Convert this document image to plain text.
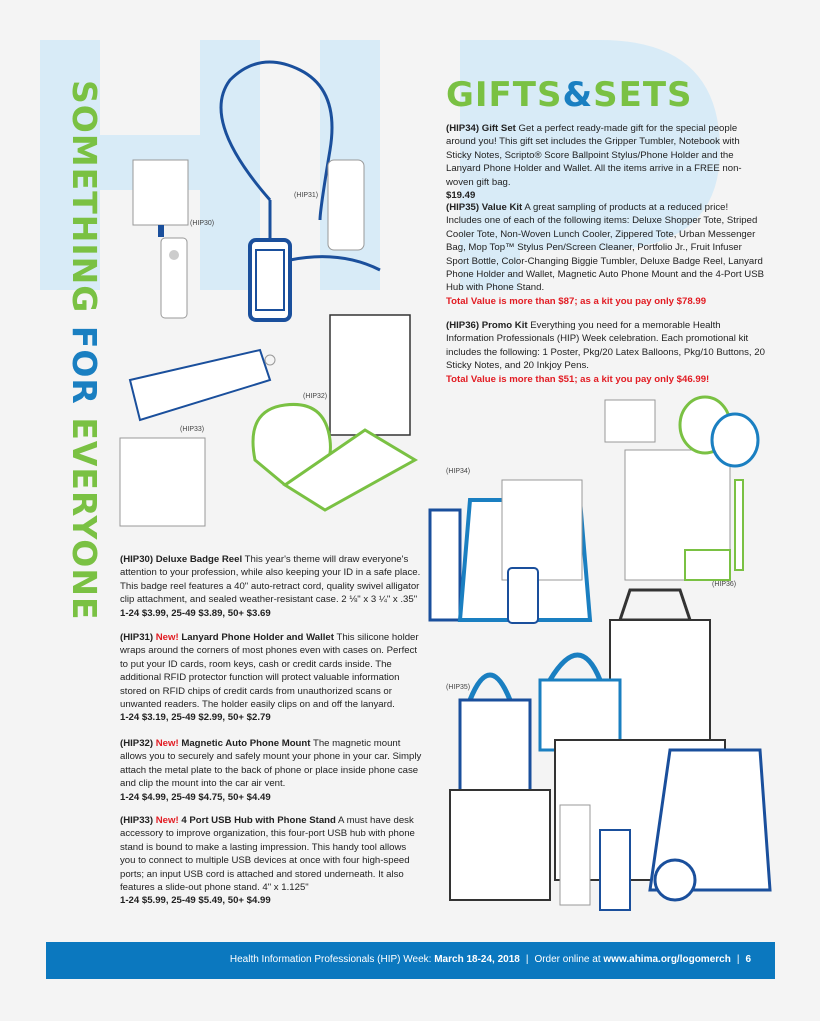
SOMETHING FOR EVERYONE
GIFTS&SETS
(HIP30)
(HIP31)
(HIP32)
(HIP33)
(HIP34)
(HIP35)
(HIP36)
(HIP34) Gift Set Get a perfect ready-made gift for the special people around you! This gift set includes the Gripper Tumbler, Notebook with Sticky Notes, Scripto® Score Ballpoint Stylus/Phone Holder and the Lanyard Phone Holder and Wallet. All the items arrive in a FREE non-woven gift bag.
$19.49
(HIP35) Value Kit A great sampling of products at a reduced price! Includes one of each of the following items: Deluxe Shopper Tote, Striped Cooler Tote, Non-Woven Lunch Cooler, Zippered Tote, Urban Messenger Bag, Mop Top™ Stylus Pen/Screen Cleaner, Portfolio Jr., Fruit Infuser Sport Bottle, Color-Changing Biggie Tumbler, Deluxe Badge Reel, Lanyard Phone Holder and Wallet, Magnetic Auto Phone Mount and the 4-Port USB Hub with Phone Stand.
Total Value is more than $87; as a kit you pay only $78.99
(HIP36) Promo Kit Everything you need for a memorable Health Information Professionals (HIP) Week celebration. Each promotional kit includes the following: 1 Poster, Pkg/20 Latex Balloons, Pkg/10 Buttons, 20 Sticky Notes, and 20 Inkjoy Pens.
Total Value is more than $51; as a kit you pay only $46.99!
(HIP30) Deluxe Badge Reel This year's theme will draw everyone's attention to your profession, while also keeping your ID in a safe place. This badge reel features a 40" auto-retract cord, quality swivel alligator clip attachment, and sealed weather-resistant case. 2 ⅛" x 3 ¼" x .35"
1-24 $3.99, 25-49 $3.89, 50+ $3.69
(HIP31) New! Lanyard Phone Holder and Wallet This silicone holder wraps around the corners of most phones even with cases on. Perfect to put your ID cards, room keys, cash or credit cards inside. The additional RFID protector function will protect valuable information stored on RFID chips of credit cards from unauthorized scans or unwanted readers. The holder easily clips on and off the lanyard.
1-24 $3.19, 25-49 $2.99, 50+ $2.79
(HIP32) New! Magnetic Auto Phone Mount The magnetic mount allows you to securely and safely mount your phone in your car. Simply attach the metal plate to the back of phone or place inside phone case and clip the mount into the car air vent.
1-24 $4.99, 25-49 $4.75, 50+ $4.49
(HIP33) New! 4 Port USB Hub with Phone Stand A must have desk accessory to improve organization, this four-port USB hub with phone stand is bound to make a lasting impression. This handy tool allows you to connect to multiple USB devices at once with four high-speed ports; an input USB cord is attached and stored underneath. It also features a slide-out phone stand. 4" x 1.125"
1-24 $5.99, 25-49 $5.49, 50+ $4.99
Health Information Professionals (HIP) Week: March 18-24, 2018 | Order online at www.ahima.org/logomerch | 6
